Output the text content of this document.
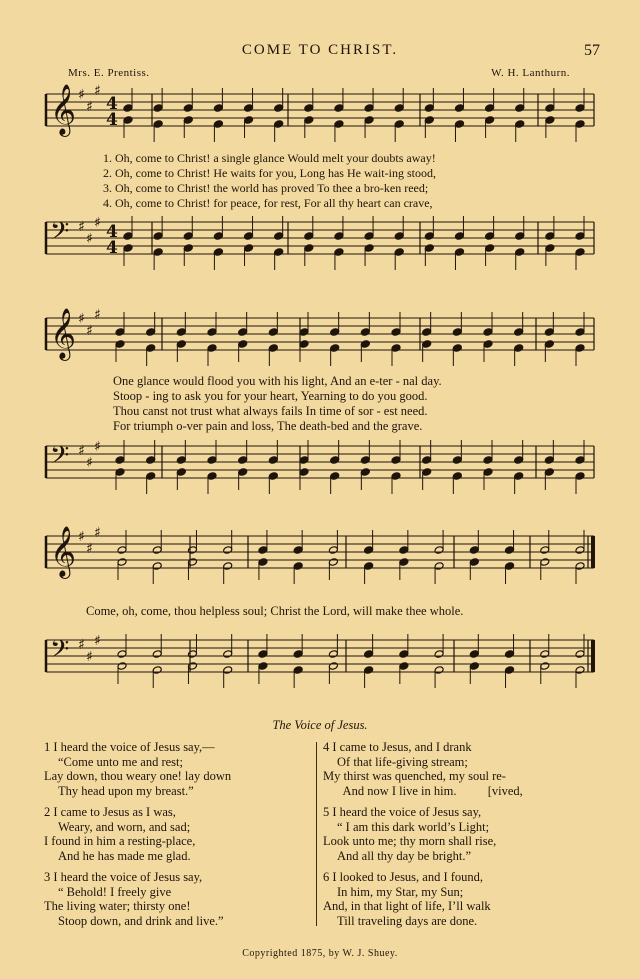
COME TO CHRIST.	57
Mrs. E. Prentiss.	W. H. Lanthurn.
𝄞 ♯
♯
♯
4
4
1. Oh, come to Christ! a single glance Would melt your doubts away!
2. Oh, come to Christ! He waits for you, Long has He wait-ing stood,
3. Oh, come to Christ! the world has proved To thee a bro-ken reed;
4. Oh, come to Christ! for peace, for rest, For all thy heart can crave,
𝄢 ♯
♯
♯ 4
4
𝄞 ♯
♯
♯
One glance would flood you with his light, And an e-ter - nal day.
Stoop - ing to ask you for your heart, Yearning to do you good.
Thou canst not trust what always fails In time of sor - est need.
For triumph o-ver pain and loss, The death-bed and the grave.
𝄢 ♯
♯
♯
𝄞 ♯
♯
♯
Come, oh, come, thou helpless soul; Christ the Lord, will make thee whole.
𝄢 ♯
♯
♯
The Voice of Jesus.
1 I heard the voice of Jesus say,—
“Come unto me and rest;
Lay down, thou weary one! lay down
Thy head upon my breast.”
2 I came to Jesus as I was,
Weary, and worn, and sad;
I found in him a resting-place,
And he has made me glad.
3 I heard the voice of Jesus say,
“ Behold! I freely give
The living water; thirsty one!
Stoop down, and drink and live.”
4 I came to Jesus, and I drank
Of that life-giving stream;
My thirst was quenched, my soul re-
And now I live in him.          [vived,
5 I heard the voice of Jesus say,
“ I am this dark world’s Light;
Look unto me; thy morn shall rise,
And all thy day be bright.”
6 I looked to Jesus, and I found,
In him, my Star, my Sun;
And, in that light of life, I’ll walk
Till traveling days are done.
Copyrighted 1875, by W. J. Shuey.
